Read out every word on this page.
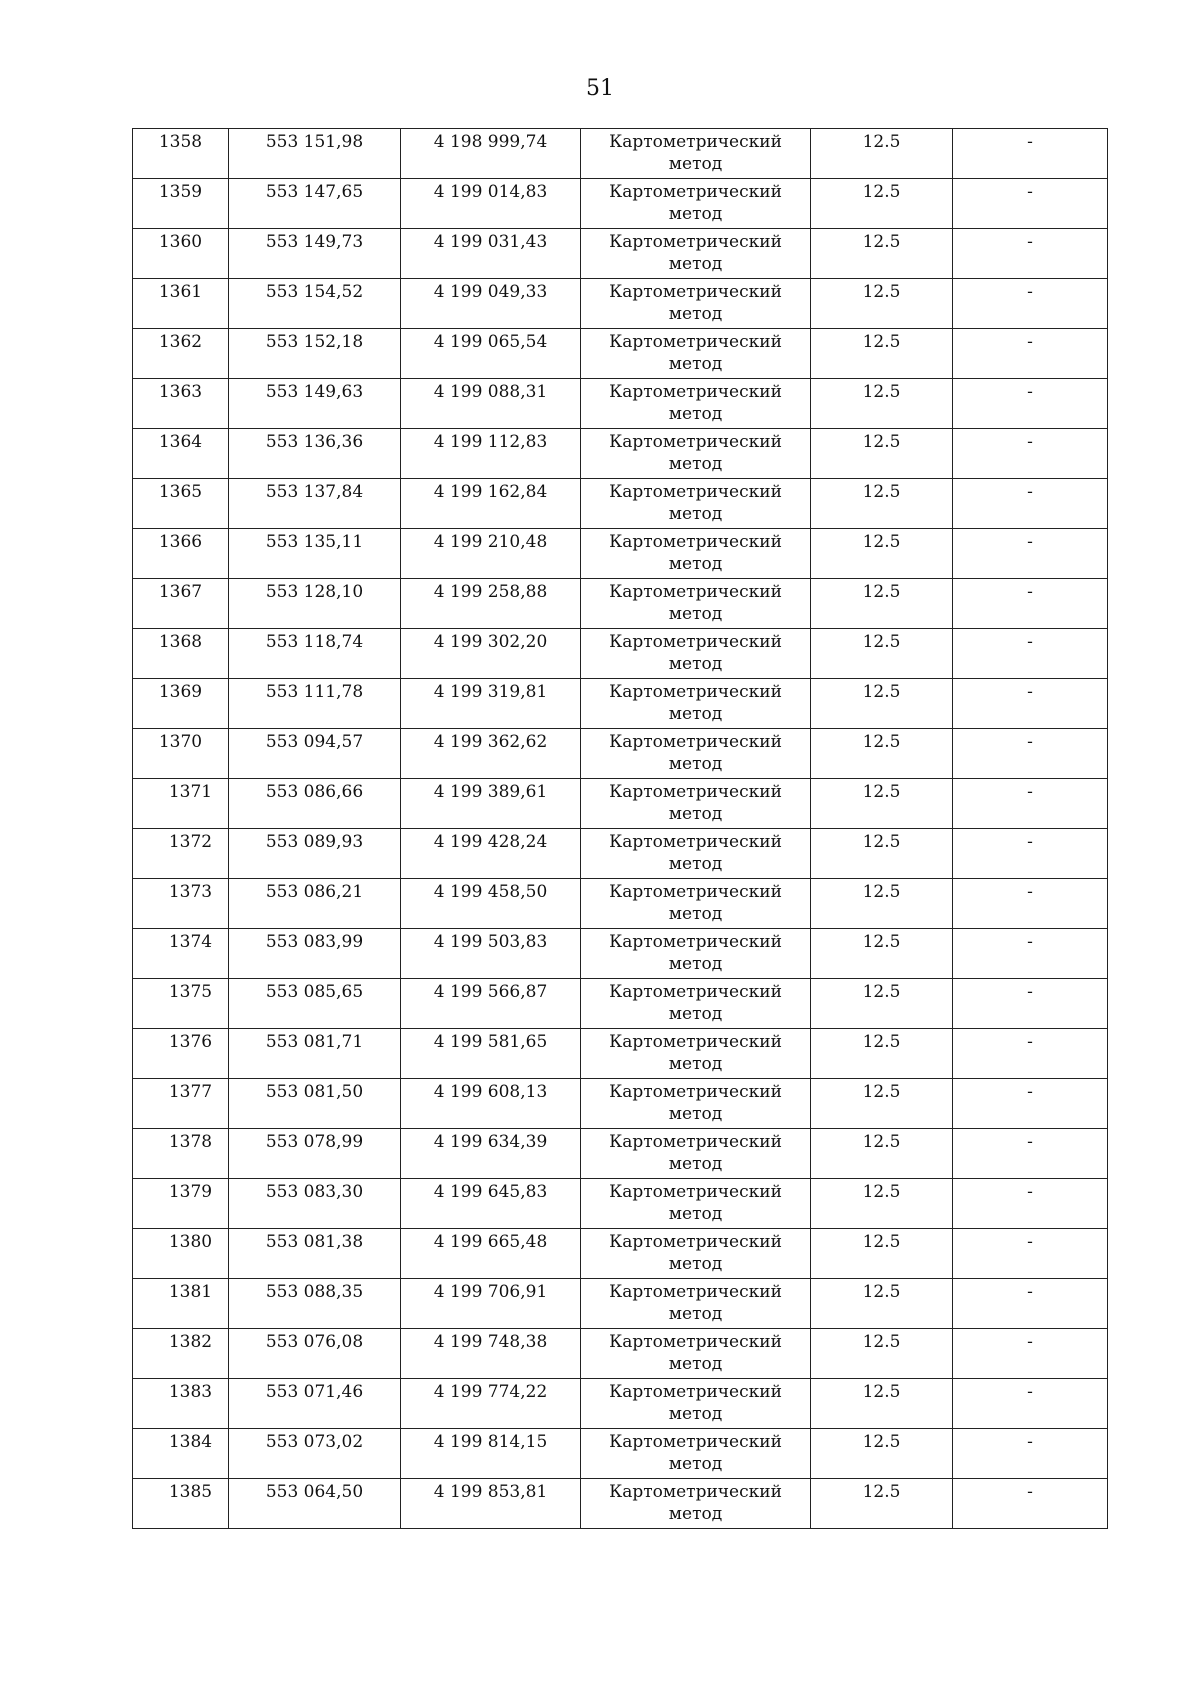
51
1358	553 151,98	4 198 999,74	Картометрический метод	12.5	-
1359	553 147,65	4 199 014,83	Картометрический метод	12.5	-
1360	553 149,73	4 199 031,43	Картометрический метод	12.5	-
1361	553 154,52	4 199 049,33	Картометрический метод	12.5	-
1362	553 152,18	4 199 065,54	Картометрический метод	12.5	-
1363	553 149,63	4 199 088,31	Картометрический метод	12.5	-
1364	553 136,36	4 199 112,83	Картометрический метод	12.5	-
1365	553 137,84	4 199 162,84	Картометрический метод	12.5	-
1366	553 135,11	4 199 210,48	Картометрический метод	12.5	-
1367	553 128,10	4 199 258,88	Картометрический метод	12.5	-
1368	553 118,74	4 199 302,20	Картометрический метод	12.5	-
1369	553 111,78	4 199 319,81	Картометрический метод	12.5	-
1370	553 094,57	4 199 362,62	Картометрический метод	12.5	-
1371	553 086,66	4 199 389,61	Картометрический метод	12.5	-
1372	553 089,93	4 199 428,24	Картометрический метод	12.5	-
1373	553 086,21	4 199 458,50	Картометрический метод	12.5	-
1374	553 083,99	4 199 503,83	Картометрический метод	12.5	-
1375	553 085,65	4 199 566,87	Картометрический метод	12.5	-
1376	553 081,71	4 199 581,65	Картометрический метод	12.5	-
1377	553 081,50	4 199 608,13	Картометрический метод	12.5	-
1378	553 078,99	4 199 634,39	Картометрический метод	12.5	-
1379	553 083,30	4 199 645,83	Картометрический метод	12.5	-
1380	553 081,38	4 199 665,48	Картометрический метод	12.5	-
1381	553 088,35	4 199 706,91	Картометрический метод	12.5	-
1382	553 076,08	4 199 748,38	Картометрический метод	12.5	-
1383	553 071,46	4 199 774,22	Картометрический метод	12.5	-
1384	553 073,02	4 199 814,15	Картометрический метод	12.5	-
1385	553 064,50	4 199 853,81	Картометрический метод	12.5	-
